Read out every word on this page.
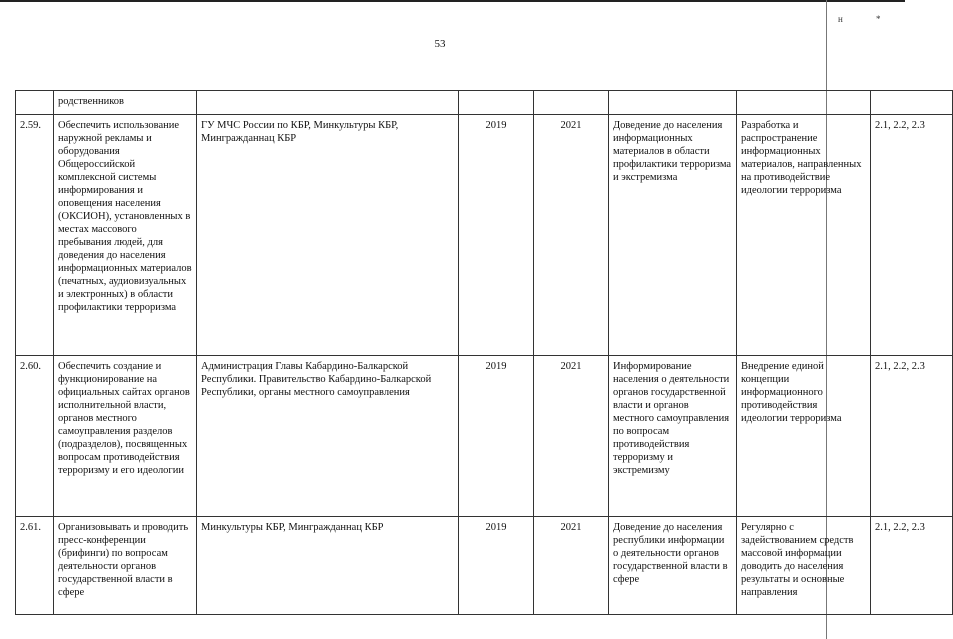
н	*
53
	родственников						
2.59.	Обеспечить использование наружной рекламы и оборудования Общероссийской комплексной системы информирования и оповещения населения (ОКСИОН), установленных в местах массового пребывания людей, для доведения до населения информационных материалов (печатных, аудиовизуальных и электронных) в области профилактики терроризма	ГУ МЧС России по КБР, Минкультуры КБР, Мингражданнац КБР	2019	2021	Доведение до населения информационных материалов в области профилактики терроризма и экстремизма	Разработка и распространение информационных материалов, направленных на противодействие идеологии терроризма	2.1, 2.2, 2.3
2.60.	Обеспечить создание и функционирование на официальных сайтах органов исполнительной власти, органов местного самоуправления разделов (подразделов), посвященных вопросам противодействия терроризму и его идеологии	Администрация Главы Кабардино-Балкарской Республики. Правительство Кабардино-Балкарской Республики, органы местного самоуправления	2019	2021	Информирование населения о деятельности органов государственной власти и органов местного самоуправления по вопросам противодействия терроризму и экстремизму	Внедрение единой концепции информационного противодействия идеологии терроризма	2.1, 2.2, 2.3
2.61.	Организовывать и проводить пресс-конференции (брифинги) по вопросам деятельности органов государственной власти в сфере	Минкультуры КБР, Мингражданнац КБР	2019	2021	Доведение до населения республики информации о деятельности органов государственной власти в сфере	Регулярно с задействованием средств массовой информации доводить до населения результаты и основные направления	2.1, 2.2, 2.3
